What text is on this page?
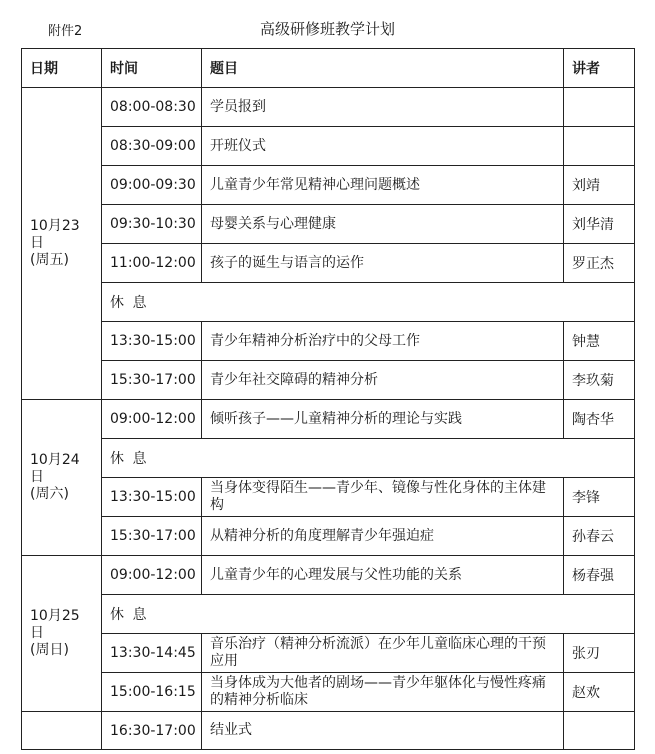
附件2	高级研修班教学计划
日期	时间	题目	讲者

10月23日
(周五)	08:00-08:30	学员报到	
	08:30-09:00	开班仪式	
	09:00-09:30	儿童青少年常见精神心理问题概述	刘靖
	09:30-10:30	母婴关系与心理健康	刘华清
	11:00-12:00	孩子的诞生与语言的运作	罗正杰
	休 息		
	13:30-15:00	青少年精神分析治疗中的父母工作	钟慧
	15:30-17:00	青少年社交障碍的精神分析	李玖菊

10月24日
(周六)	09:00-12:00	倾听孩子——儿童精神分析的理论与实践	陶杏华
	休 息		
	13:30-15:00	当身体变得陌生——青少年、镜像与性化身体的主体建构	李锋
	15:30-17:00	从精神分析的角度理解青少年强迫症	孙春云

10月25日
(周日)	09:00-12:00	儿童青少年的心理发展与父性功能的关系	杨春强
	休 息		
	13:30-14:45	音乐治疗（精神分析流派）在少年儿童临床心理的干预应用	张刃
	15:00-16:15	当身体成为大他者的剧场——青少年躯体化与慢性疼痛的精神分析临床	赵欢
	16:30-17:00	结业式	
